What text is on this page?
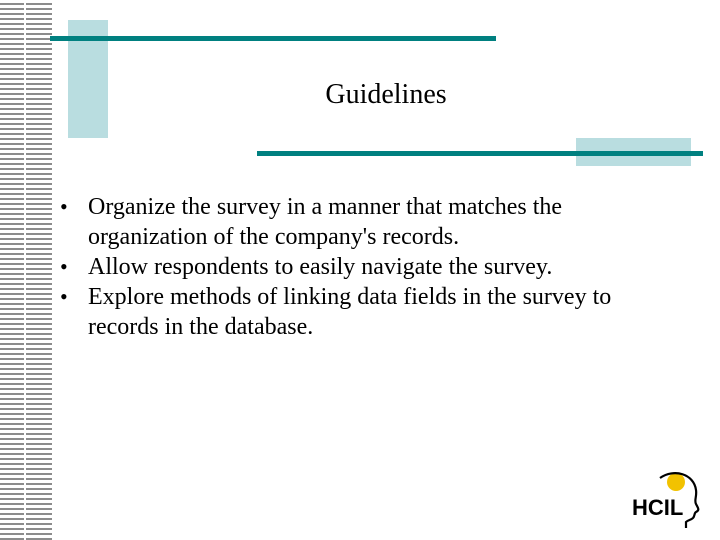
Guidelines
• Organize the survey in a manner that matches the organization of the company's records.
• Allow respondents to easily navigate the survey.
• Explore methods of linking data fields in the survey to records in the database.
HCIL
